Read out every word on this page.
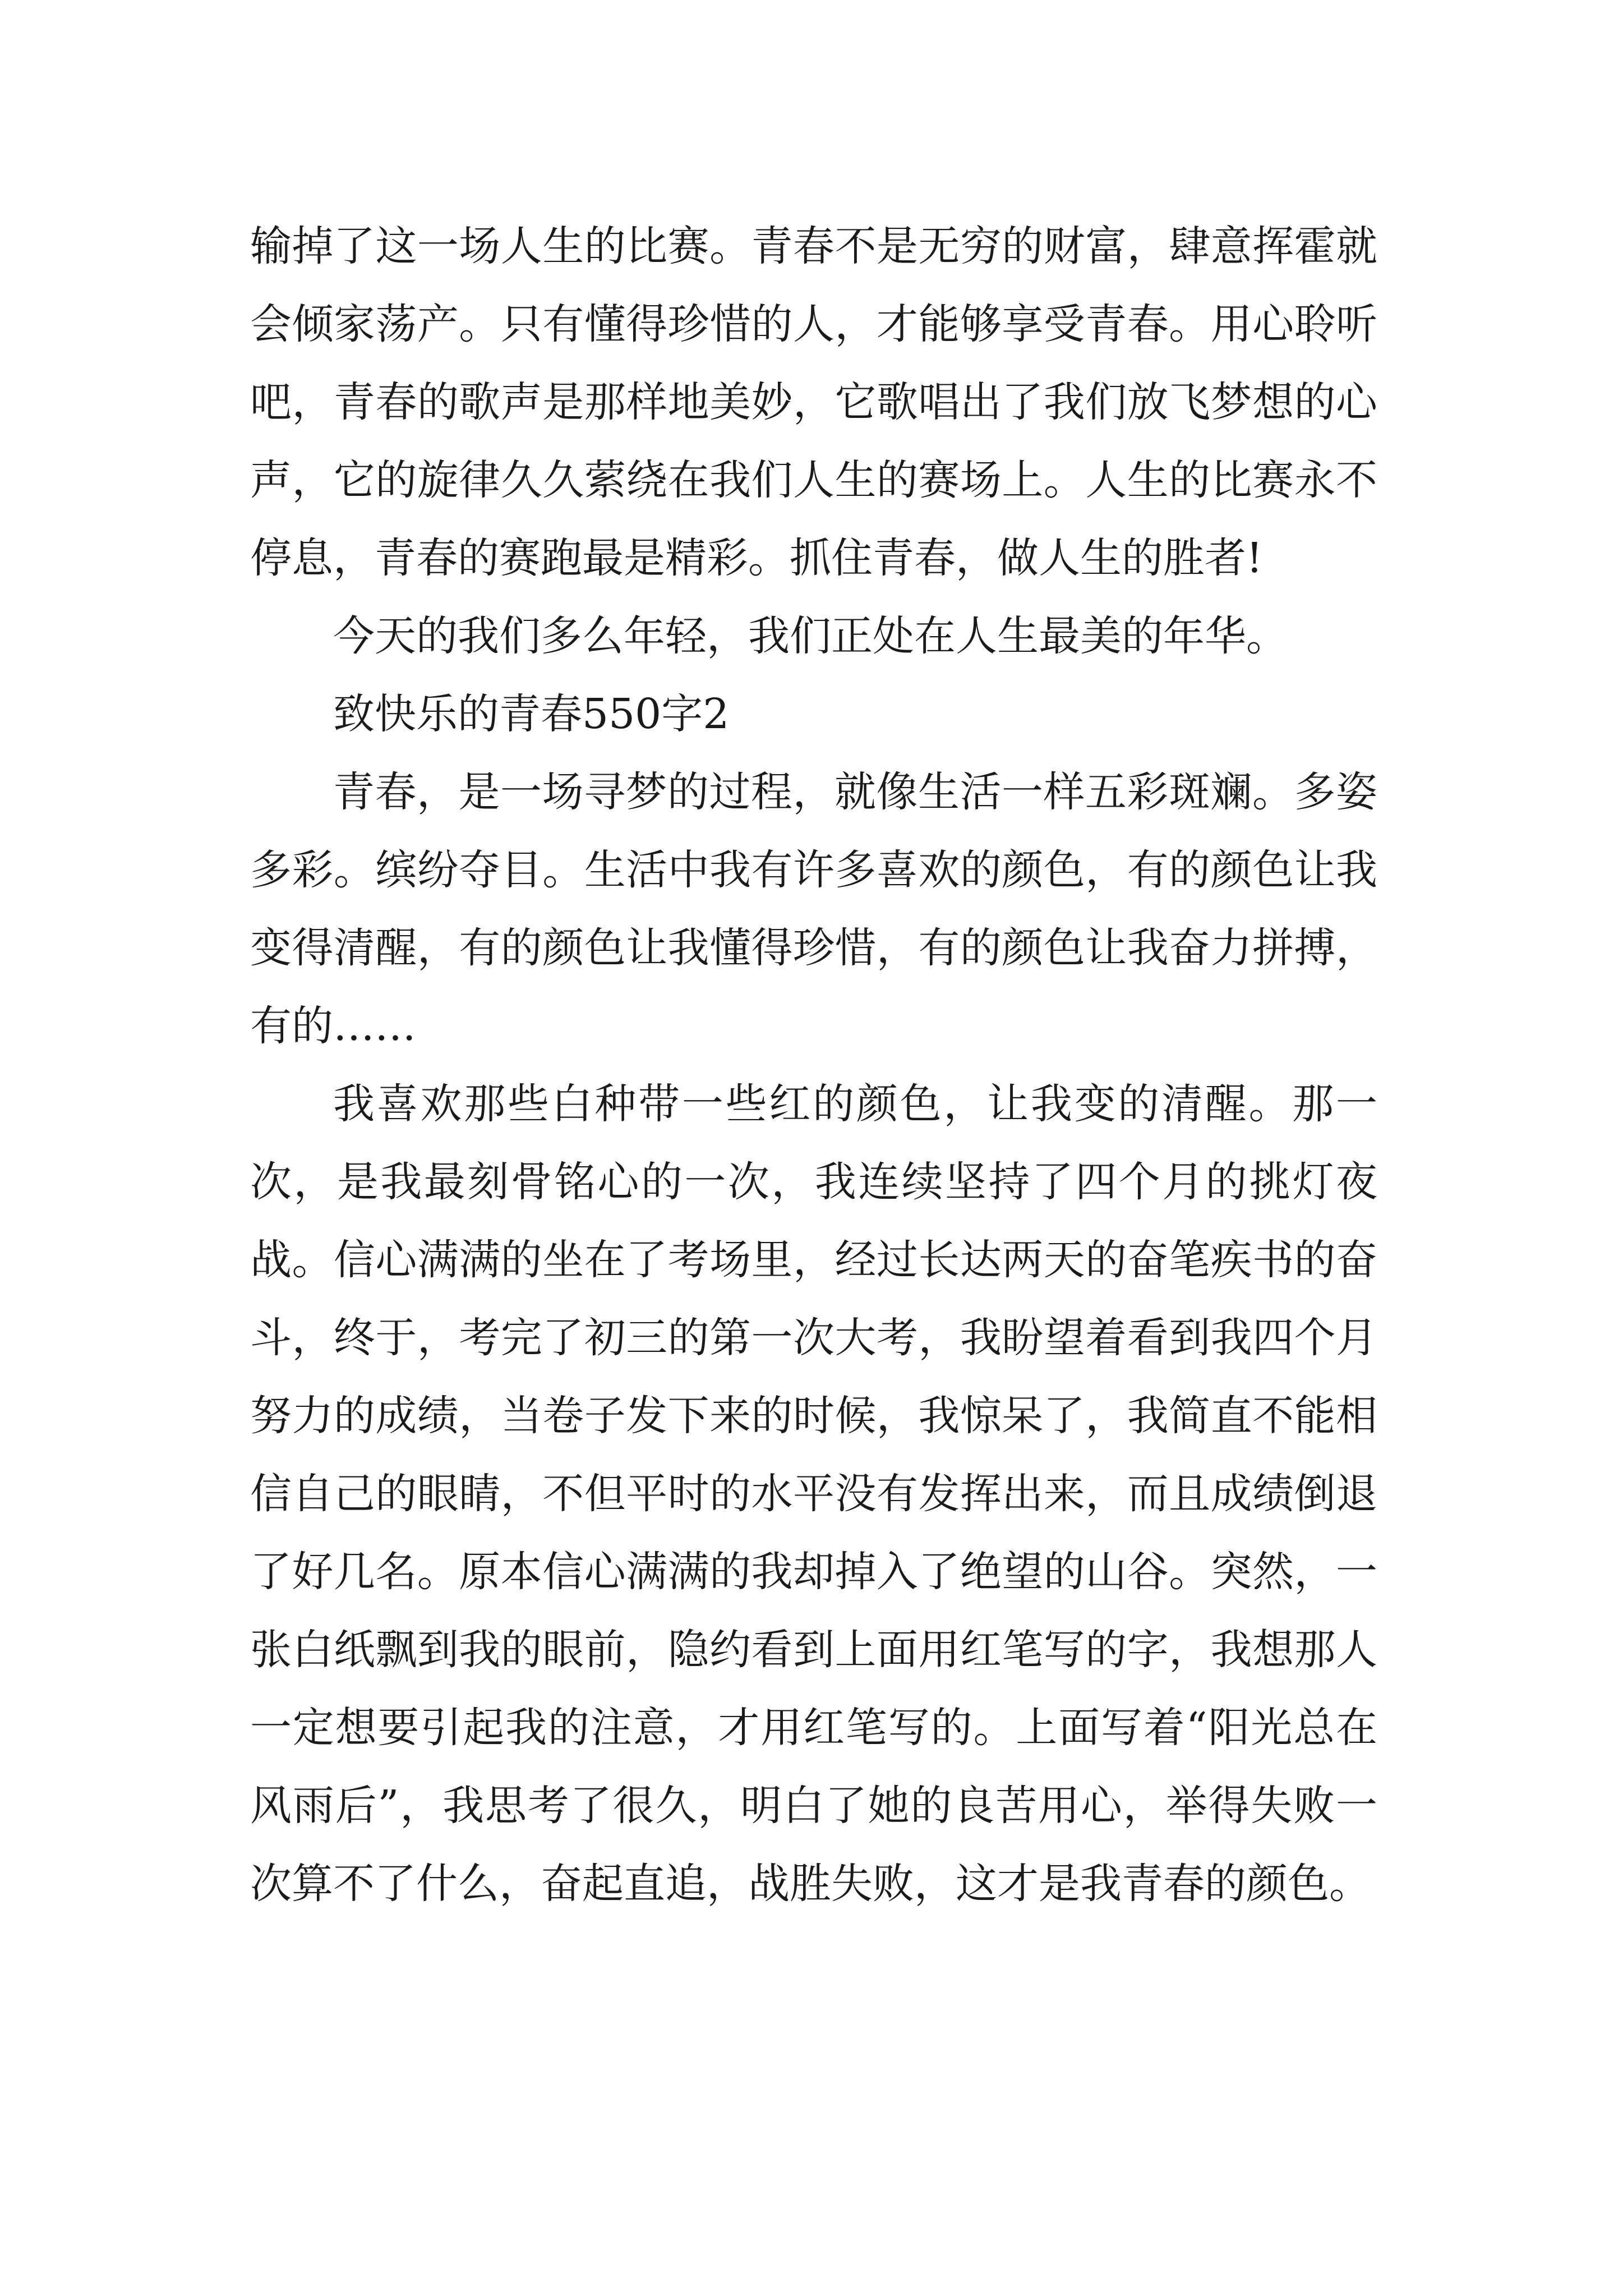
输掉了这一场人生的比赛。青春不是无穷的财富，肆意挥霍就会倾家荡产。只有懂得珍惜的人，才能够享受青春。用心聆听吧，青春的歌声是那样地美妙，它歌唱出了我们放飞梦想的心声，它的旋律久久萦绕在我们人生的赛场上。人生的比赛永不停息，青春的赛跑最是精彩。抓住青春，做人生的胜者!

今天的我们多么年轻，我们正处在人生最美的年华。

致快乐的青春550字2

青春，是一场寻梦的过程，就像生活一样五彩斑斓。多姿多彩。缤纷夺目。生活中我有许多喜欢的颜色，有的颜色让我变得清醒，有的颜色让我懂得珍惜，有的颜色让我奋力拼搏，有的……

我喜欢那些白种带一些红的颜色，让我变的清醒。那一次，是我最刻骨铭心的一次，我连续坚持了四个月的挑灯夜战。信心满满的坐在了考场里，经过长达两天的奋笔疾书的奋斗，终于，考完了初三的第一次大考，我盼望着看到我四个月努力的成绩，当卷子发下来的时候，我惊呆了，我简直不能相信自己的眼睛，不但平时的水平没有发挥出来，而且成绩倒退了好几名。原本信心满满的我却掉入了绝望的山谷。突然，一张白纸飘到我的眼前，隐约看到上面用红笔写的字，我想那人一定想要引起我的注意，才用红笔写的。上面写着“阳光总在风雨后”，我思考了很久，明白了她的良苦用心，举得失败一次算不了什么，奋起直追，战胜失败，这才是我青春的颜色。
